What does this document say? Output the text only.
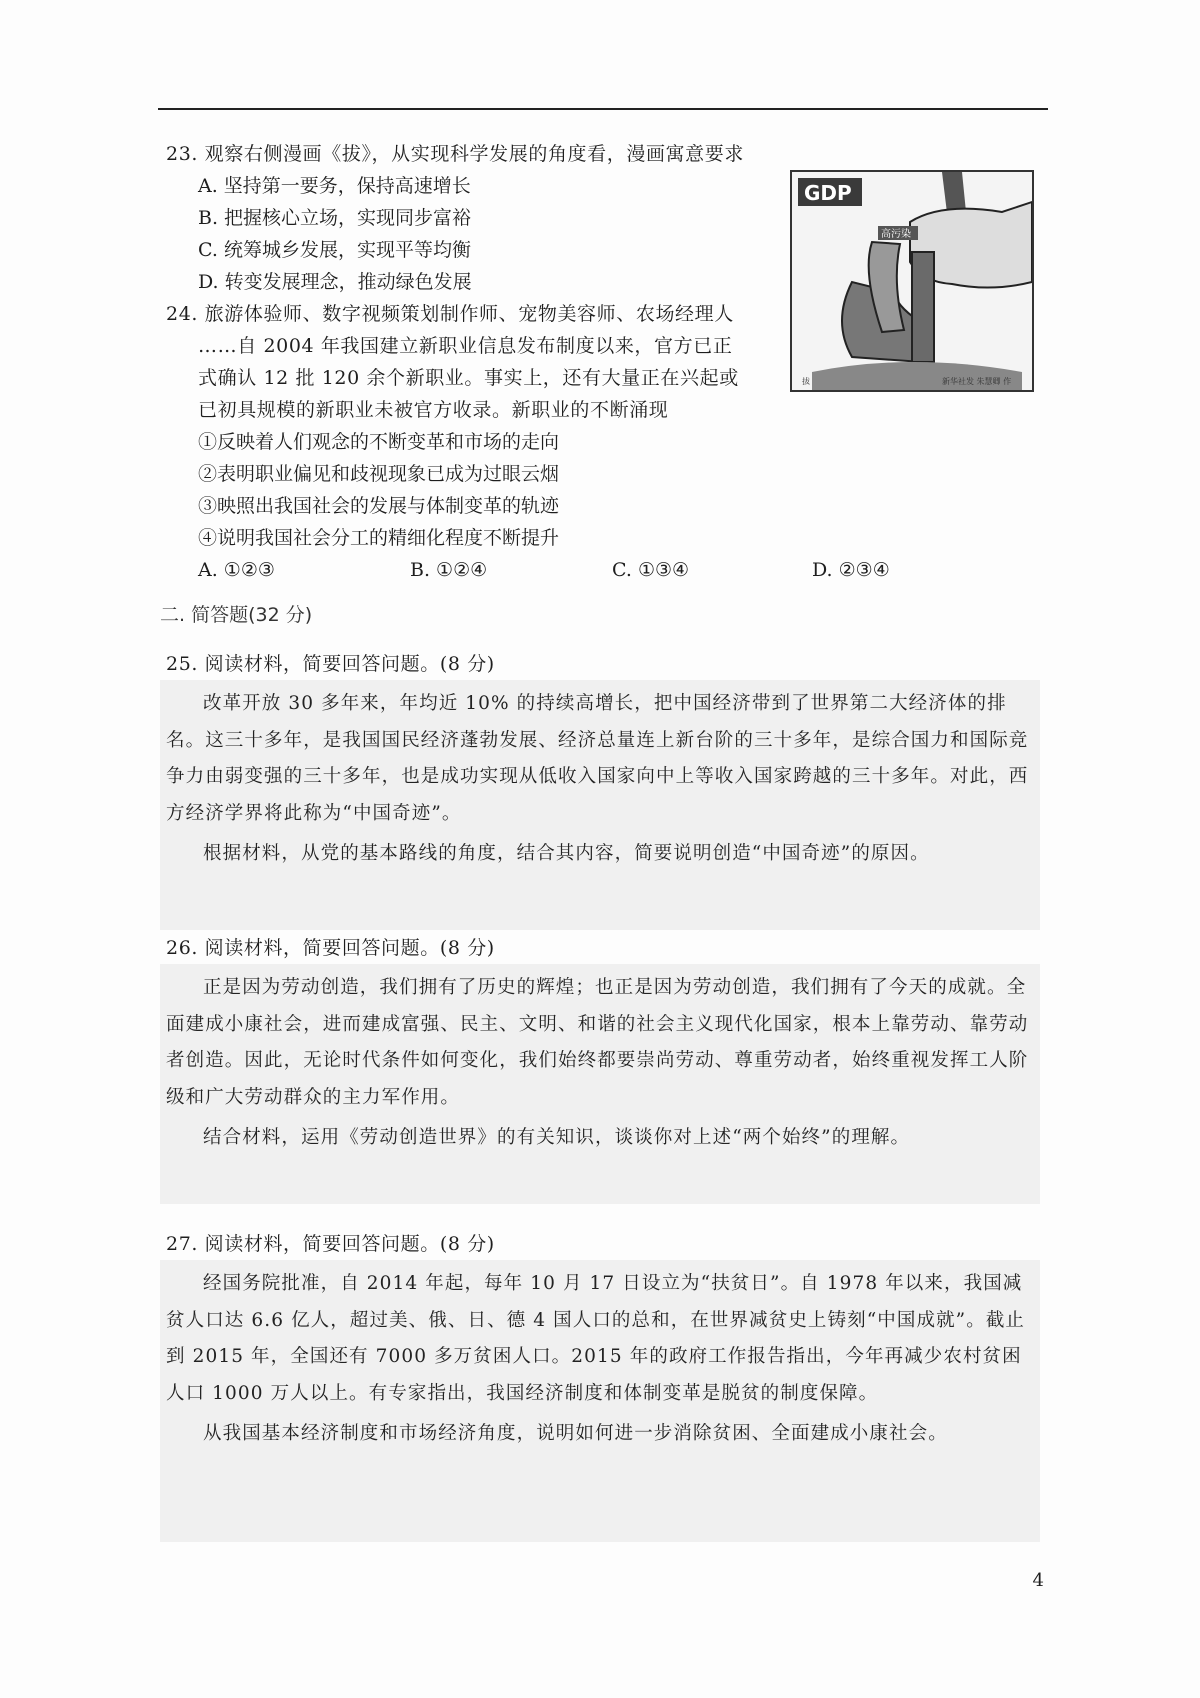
23. 观察右侧漫画《拔》，从实现科学发展的角度看，漫画寓意要求
A. 坚持第一要务，保持高速增长
B. 把握核心立场，实现同步富裕
C. 统筹城乡发展，实现平等均衡
D. 转变发展理念，推动绿色发展
GDP
高污染
拔	新华社发 朱慧卿 作
24. 旅游体验师、数字视频策划制作师、宠物美容师、农场经理人
……自 2004 年我国建立新职业信息发布制度以来，官方已正
式确认 12 批 120 余个新职业。事实上，还有大量正在兴起或
已初具规模的新职业未被官方收录。新职业的不断涌现
①反映着人们观念的不断变革和市场的走向
②表明职业偏见和歧视现象已成为过眼云烟
③映照出我国社会的发展与体制变革的轨迹
④说明我国社会分工的精细化程度不断提升
A. ①②③	B. ①②④	C. ①③④	D. ②③④
二. 简答题(32 分)
25. 阅读材料，简要回答问题。(8 分)

改革开放 30 多年来，年均近 10% 的持续高增长，把中国经济带到了世界第二大经济体的排名。这三十多年，是我国国民经济蓬勃发展、经济总量连上新台阶的三十多年，是综合国力和国际竞争力由弱变强的三十多年，也是成功实现从低收入国家向中上等收入国家跨越的三十多年。对此，西方经济学界将此称为“中国奇迹”。

根据材料，从党的基本路线的角度，结合其内容，简要说明创造“中国奇迹”的原因。

26. 阅读材料，简要回答问题。(8 分)

正是因为劳动创造，我们拥有了历史的辉煌；也正是因为劳动创造，我们拥有了今天的成就。全面建成小康社会，进而建成富强、民主、文明、和谐的社会主义现代化国家，根本上靠劳动、靠劳动者创造。因此，无论时代条件如何变化，我们始终都要崇尚劳动、尊重劳动者，始终重视发挥工人阶级和广大劳动群众的主力军作用。

结合材料，运用《劳动创造世界》的有关知识，谈谈你对上述“两个始终”的理解。

27. 阅读材料，简要回答问题。(8 分)

经国务院批准，自 2014 年起，每年 10 月 17 日设立为“扶贫日”。自 1978 年以来，我国减贫人口达 6.6 亿人，超过美、俄、日、德 4 国人口的总和，在世界减贫史上铸刻“中国成就”。截止到 2015 年，全国还有 7000 多万贫困人口。2015 年的政府工作报告指出，今年再减少农村贫困人口 1000 万人以上。有专家指出，我国经济制度和体制变革是脱贫的制度保障。

从我国基本经济制度和市场经济角度，说明如何进一步消除贫困、全面建成小康社会。

4
